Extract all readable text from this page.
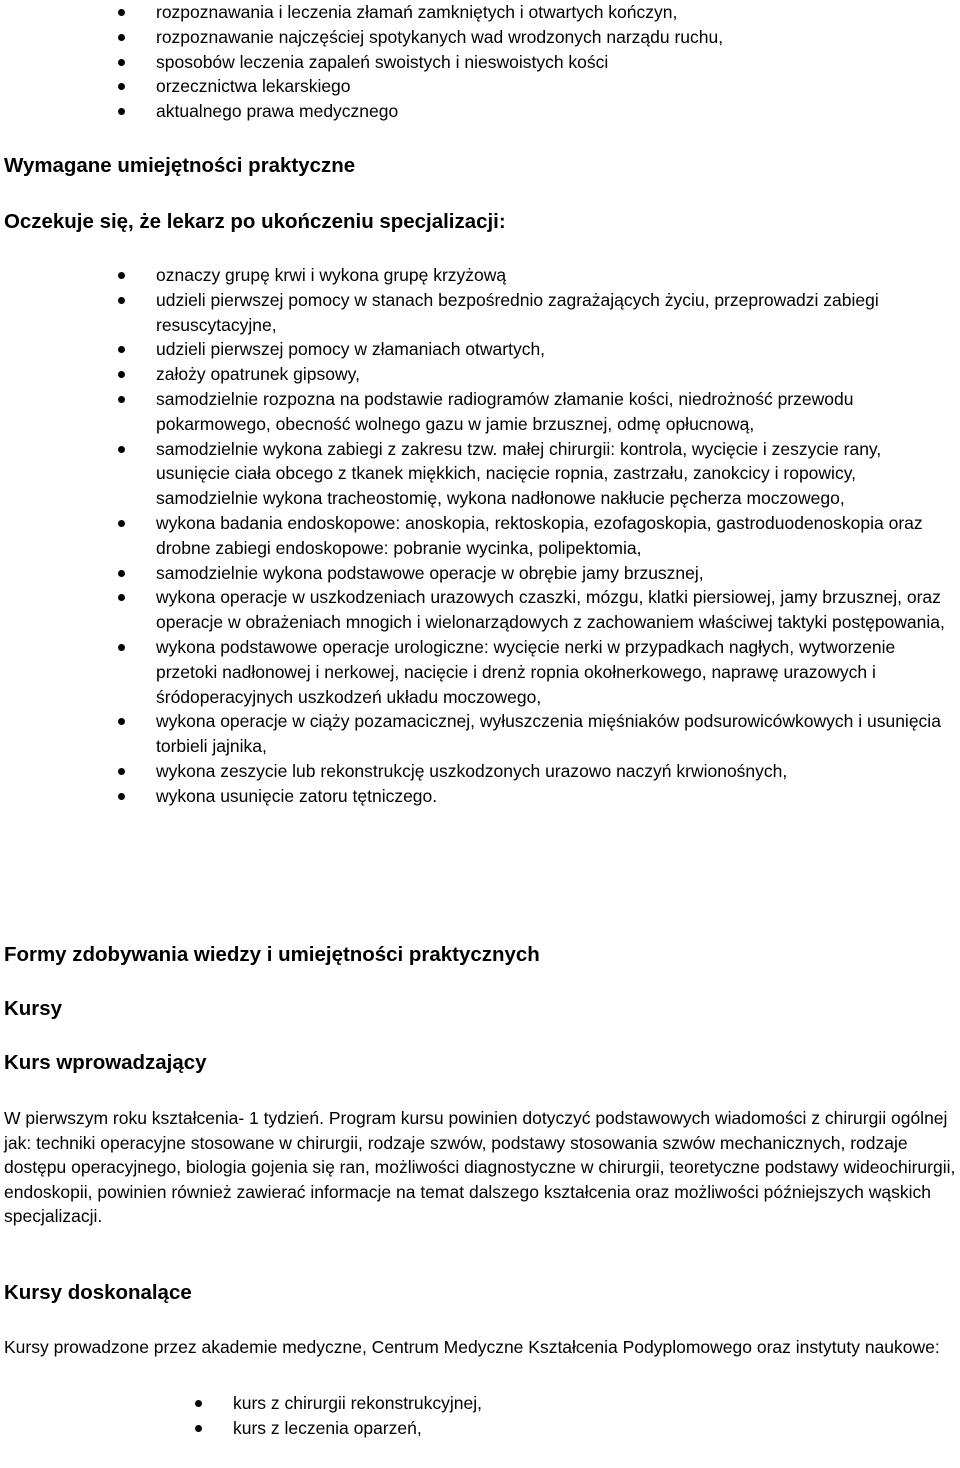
rozpoznawania i leczenia złamań zamkniętych i otwartych kończyn,
rozpoznawanie najczęściej spotykanych wad wrodzonych narządu ruchu,
sposobów leczenia zapaleń swoistych i nieswoistych kości
orzecznictwa lekarskiego
aktualnego prawa medycznego
Wymagane umiejętności praktyczne
Oczekuje się, że lekarz po ukończeniu specjalizacji:
oznaczy grupę krwi i wykona grupę krzyżową
udzieli pierwszej pomocy w stanach bezpośrednio zagrażających życiu, przeprowadzi zabiegi resuscytacyjne,
udzieli pierwszej pomocy w złamaniach otwartych,
założy opatrunek gipsowy,
samodzielnie rozpozna na podstawie radiogramów złamanie kości, niedrożność przewodu pokarmowego, obecność wolnego gazu w jamie brzusznej, odmę opłucnową,
samodzielnie wykona zabiegi z zakresu tzw. małej chirurgii: kontrola, wycięcie i zeszycie rany, usunięcie ciała obcego z tkanek miękkich, nacięcie ropnia, zastrzału, zanokcicy i ropowicy, samodzielnie wykona tracheostomię, wykona nadłonowe nakłucie pęcherza moczowego,
wykona badania endoskopowe: anoskopia, rektoskopia, ezofagoskopia, gastroduodenoskopia oraz drobne zabiegi endoskopowe: pobranie wycinka, polipektomia,
samodzielnie wykona podstawowe operacje w obrębie jamy brzusznej,
wykona operacje w uszkodzeniach urazowych czaszki, mózgu, klatki piersiowej, jamy brzusznej, oraz operacje w obrażeniach mnogich i wielonarządowych z zachowaniem właściwej taktyki postępowania,
wykona podstawowe operacje urologiczne: wycięcie nerki w przypadkach nagłych, wytworzenie przetoki nadłonowej i nerkowej, nacięcie i drenż ropnia okołnerkowego, naprawę urazowych i śródoperacyjnych uszkodzeń układu moczowego,
wykona operacje w ciąży pozamacicznej, wyłuszczenia mięśniaków podsurowicówkowych i usunięcia torbieli jajnika,
wykona zeszycie lub rekonstrukcję uszkodzonych urazowo naczyń krwionośnych,
wykona usunięcie zatoru tętniczego.
Formy zdobywania wiedzy i umiejętności praktycznych
Kursy
Kurs wprowadzający

W pierwszym roku kształcenia- 1 tydzień. Program kursu powinien dotyczyć podstawowych wiadomości z chirurgii ogólnej jak: techniki operacyjne stosowane w chirurgii, rodzaje szwów, podstawy stosowania szwów mechanicznych, rodzaje dostępu operacyjnego, biologia gojenia się ran, możliwości diagnostyczne w chirurgii, teoretyczne podstawy wideochirurgii, endoskopii, powinien również zawierać informacje na temat dalszego kształcenia oraz możliwości późniejszych wąskich specjalizacji.

Kursy doskonalące

Kursy prowadzone przez akademie medyczne, Centrum Medyczne Kształcenia Podyplomowego oraz instytuty naukowe:

kurs z chirurgii rekonstrukcyjnej,
kurs z leczenia oparzeń,
